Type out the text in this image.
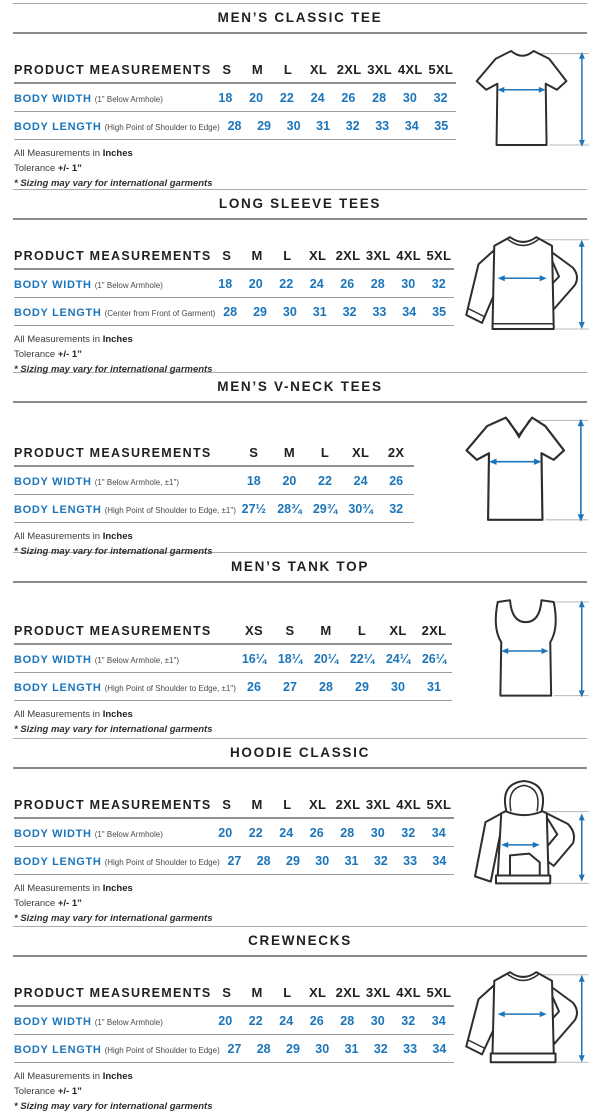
MEN’S CLASSIC TEE
PRODUCT MEASUREMENTS S	M	L	XL 2XL 3XL 4XL 5XL
BODY WIDTH (1" Below Armhole)	18	20	22	24	26	28	30	32
BODY LENGTH (High Point of Shoulder to Edge) 28	29	30	31	32	33	34	35
All Measurements in Inches
Tolerance +/- 1”
* Sizing may vary for international garments
LONG SLEEVE TEES
PRODUCT MEASUREMENTS S	M	L	XL 2XL 3XL 4XL 5XL
BODY WIDTH (1" Below Armhole)	18	20	22	24	26	28	30	32
BODY LENGTH (Center from Front of Garment) 28	29	30	31	32	33	34	35
All Measurements in Inches
Tolerance +/- 1”
* Sizing may vary for international garments
MEN’S V-NECK TEES
PRODUCT MEASUREMENTS	S	M	L	XL	2X
BODY WIDTH (1" Below Armhole, ±1")	18	20	22	24	26
BODY LENGTH (High Point of Shoulder to Edge, ±1") 27½ 28¾ 29¾ 30¾	32
All Measurements in Inches
* Sizing may vary for international garments
MEN’S TANK TOP
PRODUCT MEASUREMENTS	XS	S	M	L	XL	2XL
BODY WIDTH (1" Below Armhole, ±1")	16¼ 18¼ 20¼ 22¼ 24¼ 26¼
BODY LENGTH (High Point of Shoulder to Edge, ±1") 26	27	28	29	30	31
All Measurements in Inches
* Sizing may vary for international garments
HOODIE CLASSIC
PRODUCT MEASUREMENTS S	M	L	XL 2XL 3XL 4XL 5XL
BODY WIDTH (1" Below Armhole)	20	22	24	26	28	30	32	34
BODY LENGTH (High Point of Shoulder to Edge) 27	28	29	30	31	32	33	34
All Measurements in Inches
Tolerance +/- 1”
* Sizing may vary for international garments
CREWNECKS
PRODUCT MEASUREMENTS S	M	L	XL 2XL 3XL 4XL 5XL
BODY WIDTH (1" Below Armhole)	20	22	24	26	28	30	32	34
BODY LENGTH (High Point of Shoulder to Edge) 27	28	29	30	31	32	33	34
All Measurements in Inches
Tolerance +/- 1”
* Sizing may vary for international garments
